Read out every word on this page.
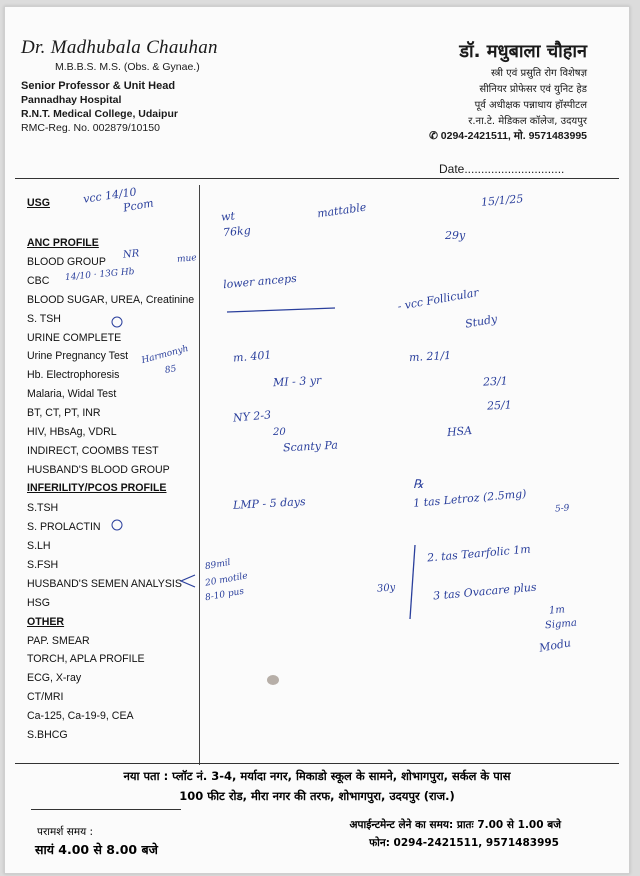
Dr. Madhubala Chauhan
M.B.B.S. M.S. (Obs. & Gynae.)
Senior Professor & Unit Head
Pannadhay Hospital
R.N.T. Medical College, Udaipur
RMC-Reg. No. 002879/10150
डॉ. मधुबाला चौहान
स्त्री एवं प्रसुति रोग विशेषज्ञ
सीनियर प्रोफेसर एवं युनिट हेड
पूर्व अधीक्षक पन्नाधाय हॉस्पीटल
र.ना.टे. मेडिकल कॉलेज, उदयपुर
✆ 0294-2421511, मो. 9571483995
Date..............................
USG
ANC PROFILE
BLOOD GROUP
CBC
BLOOD SUGAR, UREA, Creatinine
S. TSH
URINE COMPLETE
Urine Pregnancy Test
Hb. Electrophoresis
Malaria, Widal Test
BT, CT, PT, INR
HIV, HBsAg, VDRL
INDIRECT, COOMBS TEST
HUSBAND'S BLOOD GROUP
INFERILITY/PCOS PROFILE
S.TSH
S. PROLACTIN
S.LH
S.FSH
HUSBAND'S SEMEN ANALYSIS
HSG
OTHER
PAP. SMEAR
TORCH, APLA PROFILE
ECG, X-ray
CT/MRI
Ca-125, Ca-19-9, CEA
S.BHCG
vcc 14/10
Pcom
NR
14/10 · 13G Hb
mue
Harmonyh
85
89mil
20 motile
8-10 pus
wt
76kg
mattable
15/1/25
29y
lower anceps
- vcc Follicular
Study
m. 401
MI - 3 yr
m. 21/1
23/1
25/1
NY 2-3
20
Scanty Pa
HSA
LMP - 5 days
℞
1 tas Letroz (2.5mg)	5-9
2. tas Tearfolic 1m
30y	3 tas Ovacare plus
1m
Modu
Sigma
नया पता : प्लॉट नं. 3-4, मर्यादा नगर, मिकाडो स्कूल के सामने, शोभागपुरा, सर्कल के पास
100 फीट रोड, मीरा नगर की तरफ, शोभागपुरा, उदयपुर (राज.)
परामर्श समय :
सायं 4.00 से 8.00 बजे
अपाईन्टमेन्ट लेने का समय: प्रातः 7.00 से 1.00 बजे
फोन: 0294-2421511, 9571483995
